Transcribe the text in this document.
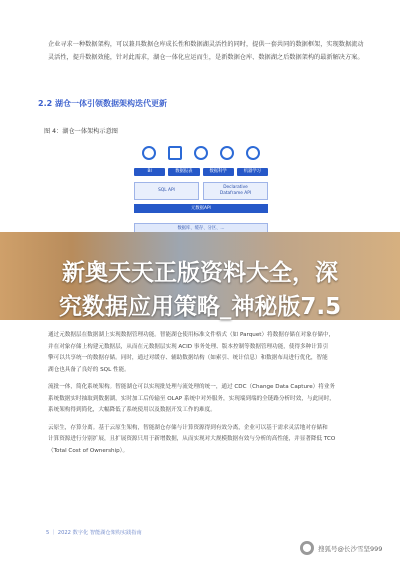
企业寻求一种数据架构，可以兼具数据仓库成长性和数据湖灵活性的同时，提供一套共同的数据框架，实现数据流动
灵活性，提升数据效能，针对此需求，湖仓一体化应运而生，是新数据仓库、数据湖之后数据架构的最新解决方案。
2.2 湖仓一体引领数据架构迭代更新
图 4：湖仓一体架构示意图
BI	数据报表	数据科学	机器学习
SQL API
Declarative
Dataframe API
元数据API
数据库、缓存、分区、...
新奥天天正版资料大全，深
究数据应用策略_神秘版7.5

通过元数据层在数据湖上实现数据管理功能。智能湖仓使用标准文件格式（如 Parquet）将数据存储在对象存储中，
并在对象存储上构建元数据层，从而在元数据层实现 ACID 事务处理、版本控制等数据管理功能，使得多种计算引
擎可以共享统一的数据存储。同时，通过对缓存、辅助数据结构（如索引、统计信息）和数据布局进行优化，智能
湖仓也具备了良好的 SQL 性能。

流批一体，简化系统架构。智能湖仓可以实现批处理与流处理的统一，通过 CDC（Change Data Capture）将业务
系统数据实时抽取到数据湖，实时加工后传输至 OLAP 系统中对外服务，实现端到端的全链路分析时效，与此同时，
系统架构得到简化，大幅降低了系统使用以及数据开发工作的难度。

云原生，存算分离。基于云原生架构，智能湖仓存储与计算资源得到有效分离，企业可以基于需求灵活地对存储和
计算资源进行分别扩展，且扩展资源只用于新增数据，从而实现对大规模数据有效与分析的高性能，并显著降低 TCO
（Total Cost of Ownership）。

5 ｜ 2022 数字化 智能湖仓架构实践指南
⬤	搜狐号@长沙雪坚999
